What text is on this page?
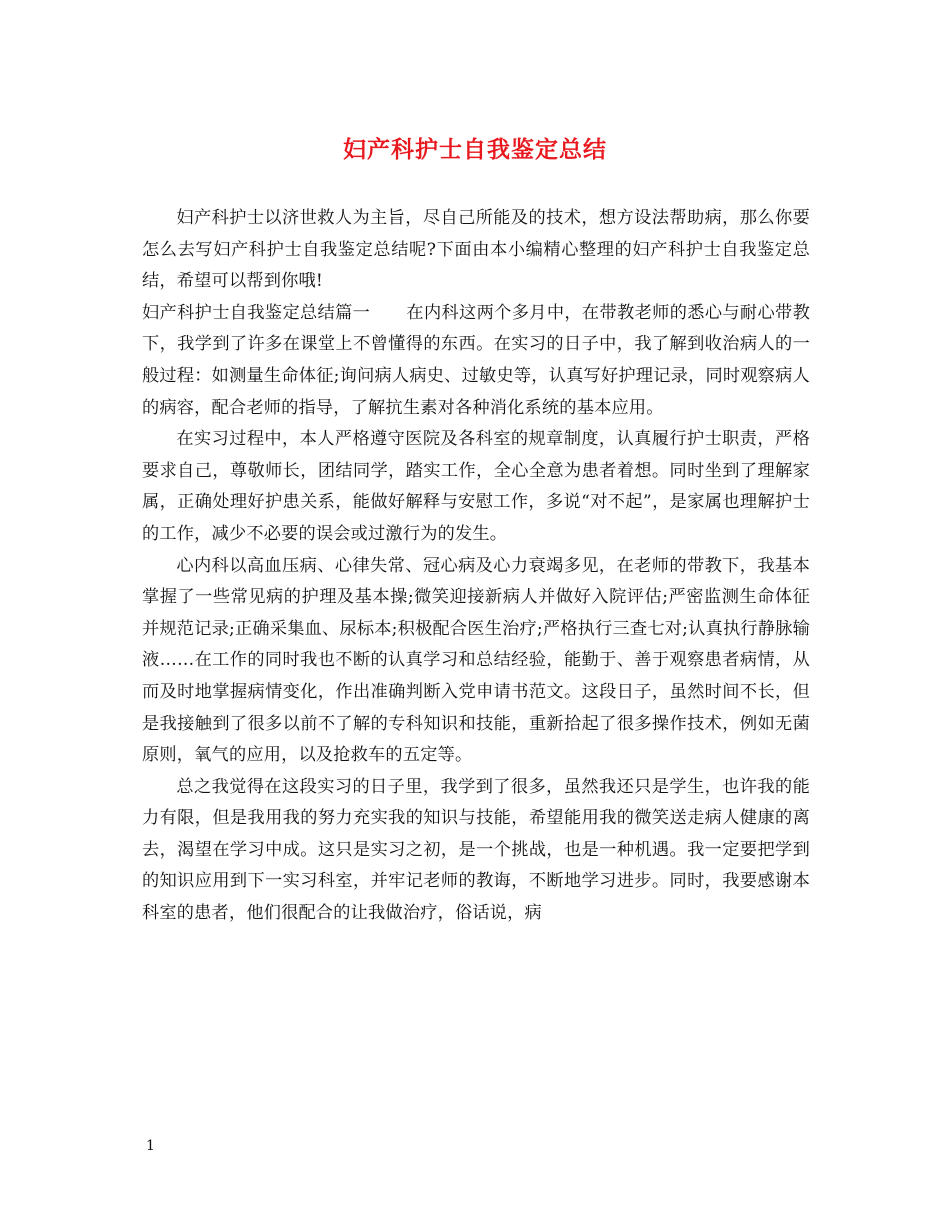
妇产科护士自我鉴定总结

妇产科护士以济世救人为主旨，尽自己所能及的技术，想方设法帮助病，那么你要怎么去写妇产科护士自我鉴定总结呢?下面由本小编精心整理的妇产科护士自我鉴定总结，希望可以帮到你哦!

妇产科护士自我鉴定总结篇一 在内科这两个多月中，在带教老师的悉心与耐心带教下，我学到了许多在课堂上不曾懂得的东西。在实习的日子中，我了解到收治病人的一般过程：如测量生命体征;询问病人病史、过敏史等，认真写好护理记录，同时观察病人的病容，配合老师的指导，了解抗生素对各种消化系统的基本应用。

在实习过程中，本人严格遵守医院及各科室的规章制度，认真履行护士职责，严格要求自己，尊敬师长，团结同学，踏实工作，全心全意为患者着想。同时坐到了理解家属，正确处理好护患关系，能做好解释与安慰工作，多说“对不起”，是家属也理解护士的工作，减少不必要的误会或过激行为的发生。

心内科以高血压病、心律失常、冠心病及心力衰竭多见，在老师的带教下，我基本掌握了一些常见病的护理及基本操;微笑迎接新病人并做好入院评估;严密监测生命体征并规范记录;正确采集血、尿标本;积极配合医生治疗;严格执行三查七对;认真执行静脉输液……在工作的同时我也不断的认真学习和总结经验，能勤于、善于观察患者病情，从而及时地掌握病情变化，作出准确判断入党申请书范文。这段日子，虽然时间不长，但是我接触到了很多以前不了解的专科知识和技能，重新拾起了很多操作技术，例如无菌原则，氧气的应用，以及抢救车的五定等。

总之我觉得在这段实习的日子里，我学到了很多，虽然我还只是学生，也许我的能力有限，但是我用我的努力充实我的知识与技能，希望能用我的微笑送走病人健康的离去，渴望在学习中成。这只是实习之初，是一个挑战，也是一种机遇。我一定要把学到的知识应用到下一实习科室，并牢记老师的教诲，不断地学习进步。同时，我要感谢本科室的患者，他们很配合的让我做治疗，俗话说，病

1
